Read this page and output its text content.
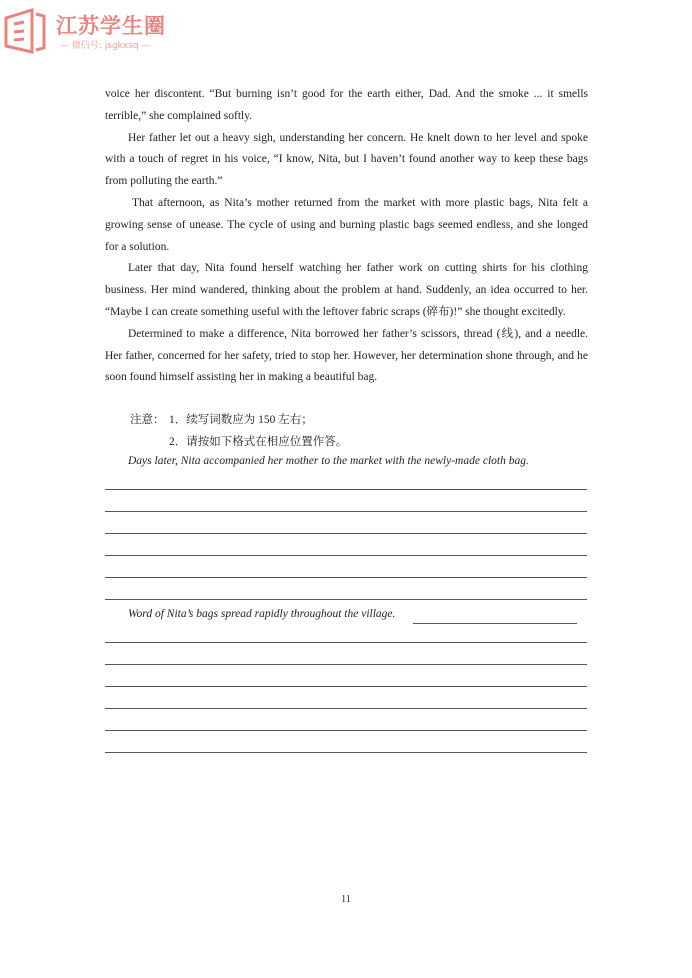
江苏学生圈
— 微信号: jsgkxsq —

voice her discontent. “But burning isn’t good for the earth either, Dad. And the smoke ... it smells terrible,” she complained softly.

Her father let out a heavy sigh, understanding her concern. He knelt down to her level and spoke with a touch of regret in his voice, “I know, Nita, but I haven’t found another way to keep these bags from polluting the earth.”

That afternoon, as Nita’s mother returned from the market with more plastic bags, Nita felt a growing sense of unease. The cycle of using and burning plastic bags seemed endless, and she longed for a solution.

Later that day, Nita found herself watching her father work on cutting shirts for his clothing business. Her mind wandered, thinking about the problem at hand. Suddenly, an idea occurred to her. “Maybe I can create something useful with the leftover fabric scraps (碎布)!” she thought excitedly.

Determined to make a difference, Nita borrowed her father’s scissors, thread (线), and a needle. Her father, concerned for her safety, tried to stop her. However, her determination shone through, and he soon found himself assisting her in making a beautiful bag.

注意： 1．续写词数应为 150 左右；
2．请按如下格式在相应位置作答。
Days later, Nita accompanied her mother to the market with the newly-made cloth bag.
Word of Nita’s bags spread rapidly throughout the village.
11
